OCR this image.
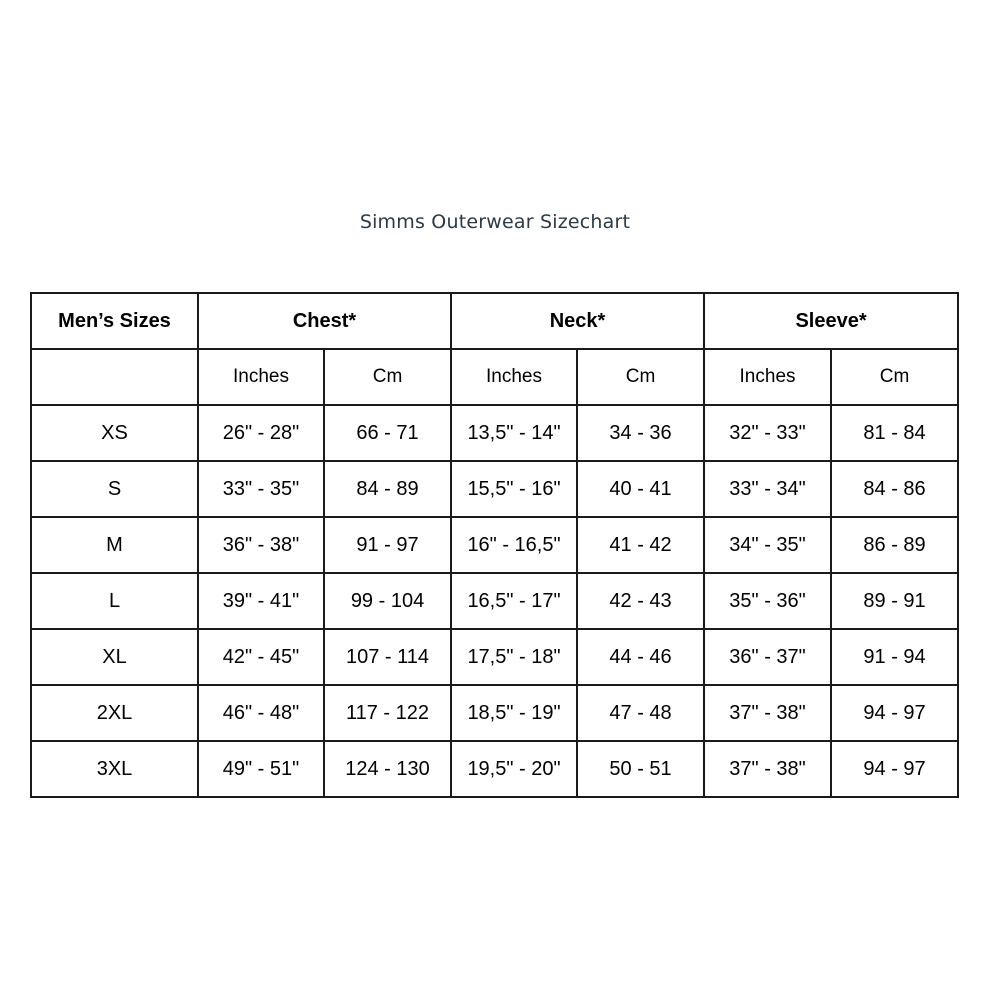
Simms Outerwear Sizechart
Men’s Sizes	Chest*		Neck*		Sleeve*	
	Inches	Cm	Inches	Cm	Inches	Cm
XS	26" - 28"	66 - 71	13,5" - 14"	34 - 36	32" - 33"	81 - 84
S	33" - 35"	84 - 89	15,5" - 16"	40 - 41	33" - 34"	84 - 86
M	36" - 38"	91 - 97	16" - 16,5"	41 - 42	34" - 35"	86 - 89
L	39" - 41"	99 - 104	16,5" - 17"	42 - 43	35" - 36"	89 - 91
XL	42" - 45"	107 - 114	17,5" - 18"	44 - 46	36" - 37"	91 - 94
2XL	46" - 48"	117 - 122	18,5" - 19"	47 - 48	37" - 38"	94 - 97
3XL	49" - 51"	124 - 130	19,5" - 20"	50 - 51	37" - 38"	94 - 97
